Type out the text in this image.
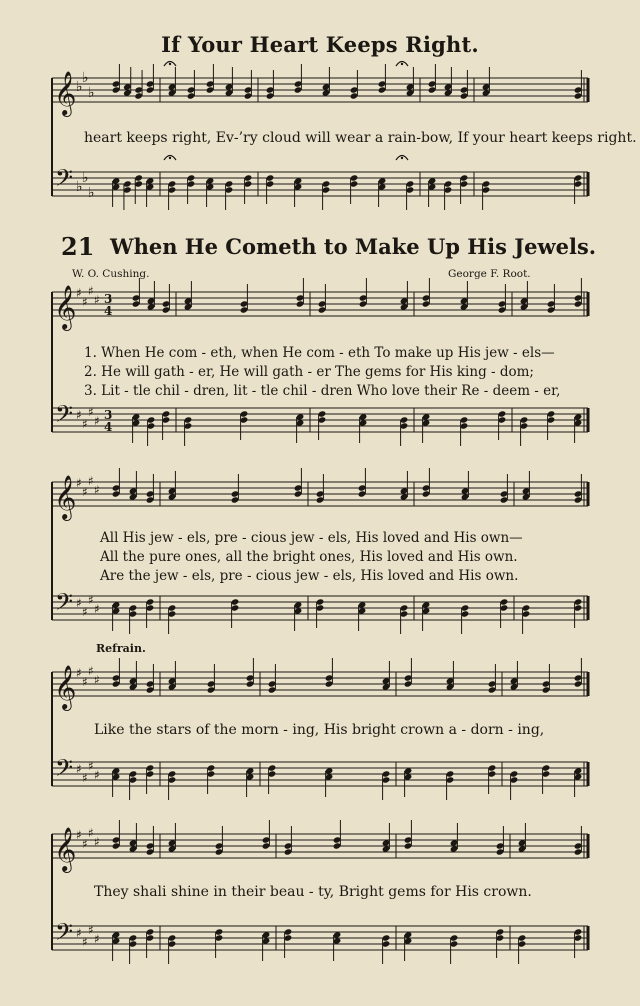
If Your Heart Keeps Right.
heart keeps right, Ev-’ry cloud will wear a rain-bow, If your heart keeps right.
21 When He Cometh to Make Up His Jewels.
W. O. Cushing.	George F. Root.
1. When He com - eth, when He com - eth To make up His jew - els—
2. He will gath - er, He will gath - er The gems for His king - dom;
3. Lit - tle chil - dren, lit - tle chil - dren Who love their Re - deem - er,
All His jew - els, pre - cious jew - els, His loved and His own—
All the pure ones, all the bright ones, His loved and His own.
Are the jew - els, pre - cious jew - els, His loved and His own.
Refrain.
Like the stars of the morn - ing, His bright crown a - dorn - ing,
They shali shine in their beau - ty, Bright gems for His crown.
𝄞 ♭
♭
♭
𝄢 ♭
♭
♭
𝄞 ♯
♯
♯
♯ 3
4
𝄢 ♯
♯
♯
♯ 3
4
𝄞 ♯
♯
♯
♯
𝄢 ♯
♯
♯
♯
𝄞 ♯
♯
♯
♯
𝄢 ♯
♯
♯
♯
𝄞 ♯
♯
♯
♯
𝄢 ♯
♯
♯
♯
